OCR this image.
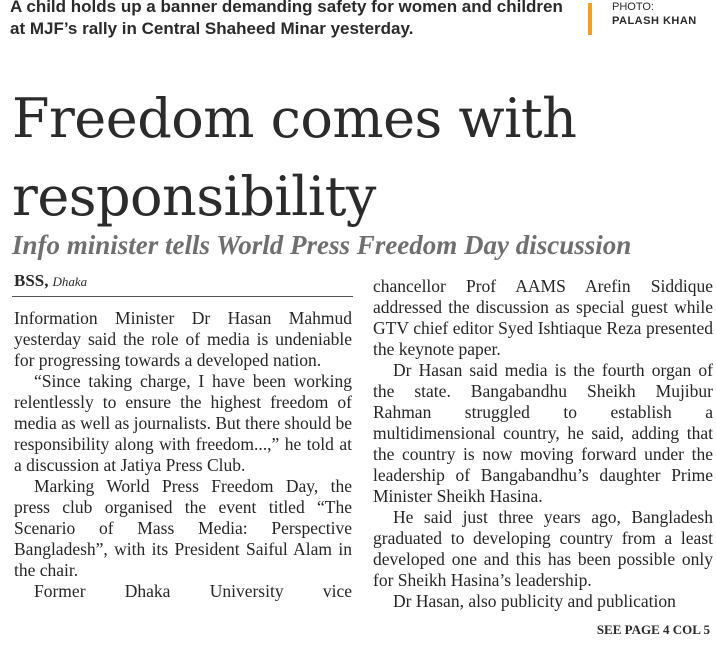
A child holds up a banner demanding safety for women and children
at MJF’s rally in Central Shaheed Minar yesterday.
PHOTO:
PALASH KHAN
Freedom comes with
responsibility
Info minister tells World Press Freedom Day discussion
BSS, Dhaka

Information Minister Dr Hasan Mahmud yesterday said the role of media is undeniable for progressing towards a developed nation.

“Since taking charge, I have been working relentlessly to ensure the highest freedom of media as well as journalists. But there should be responsibility along with freedom...,” he told at a discussion at Jatiya Press Club.

Marking World Press Freedom Day, the press club organised the event titled “The Scenario of Mass Media: Perspective Bangladesh”, with its President Saiful Alam in the chair.

Former Dhaka University vice

chancellor Prof AAMS Arefin Siddique addressed the discussion as special guest while GTV chief editor Syed Ishtiaque Reza presented the keynote paper.

Dr Hasan said media is the fourth organ of the state. Bangabandhu Sheikh Mujibur Rahman struggled to establish a multidimensional country, he said, adding that the country is now moving forward under the leadership of Bangabandhu’s daughter Prime Minister Sheikh Hasina.

He said just three years ago, Bangladesh graduated to developing country from a least developed one and this has been possible only for Sheikh Hasina’s leadership.

Dr Hasan, also publicity and publication

SEE PAGE 4 COL 5
